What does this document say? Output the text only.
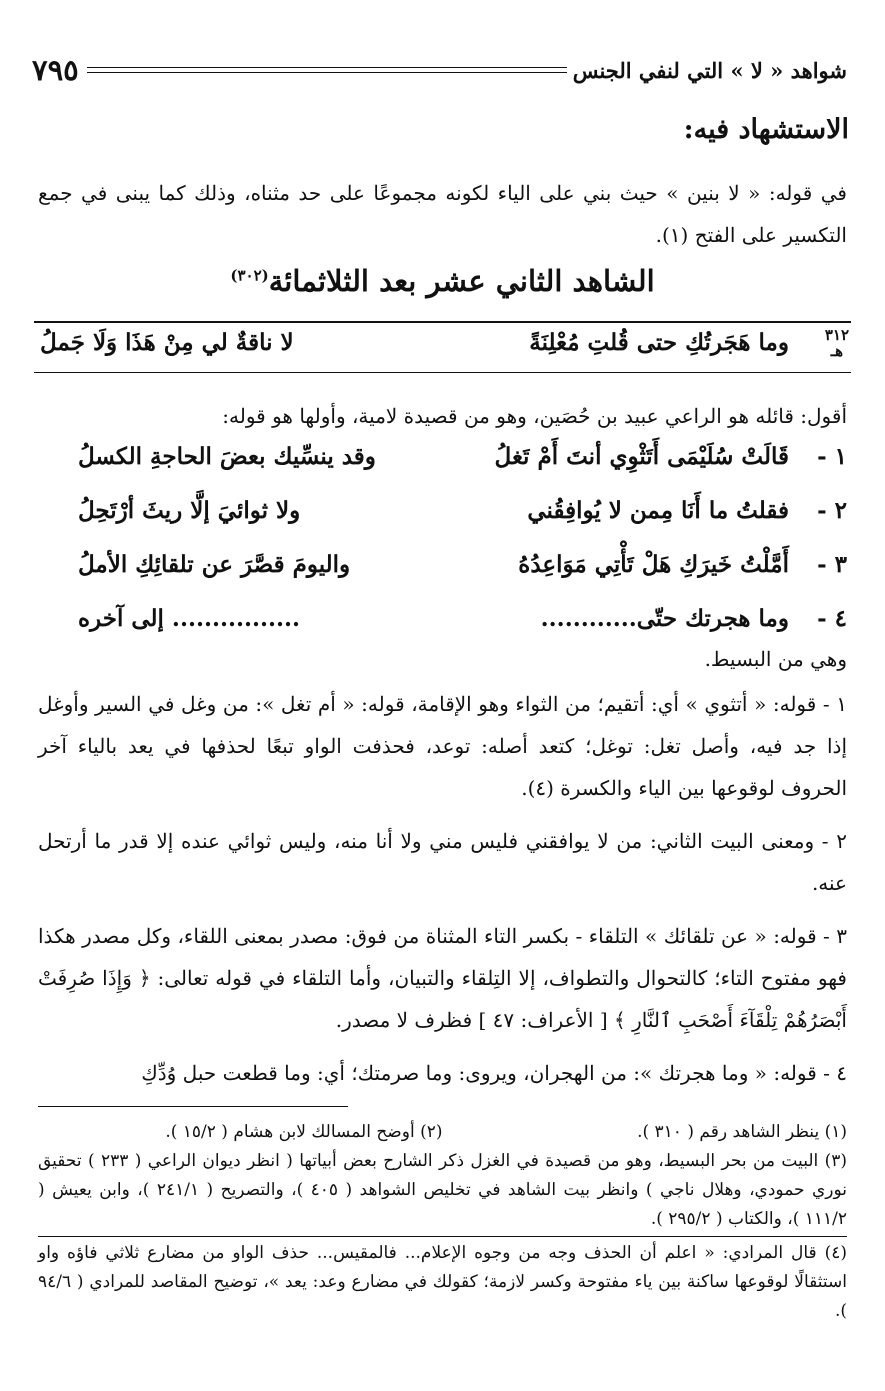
شواهد « لا » التي لنفي الجنس
٧٩٥
الاستشهاد فيه:

في قوله: « لا بنين » حيث بني على الياء لكونه مجموعًا على حد مثناه، وذلك كما يبنى في جمع التكسير على الفتح (١).

الشاهد الثاني عشر بعد الثلاثمائة$^{(٣٠٢)}$
٣١٢
هـ
وما هَجَرتُكِ حتى قُلتِ مُعْلِنَةً
لا ناقةٌ لي مِنْ هَذَا وَلَا جَملُ

أقول: قائله هو الراعي عبيد بن حُصَين، وهو من قصيدة لامية، وأولها هو قوله:

١ -
قَالَتْ سُلَيْمَى أَتَثْوِي أنتَ أَمْ تَغلُ
وقد ينسِّيك بعضَ الحاجةِ الكسلُ
٢ -
فقلتُ ما أَنَا مِمن لا يُوافِقُني
ولا ثوائيَ إلَّا ريثَ أرْتَحِلُ
٣ -
أَمَّلْتُ خَيرَكِ هَلْ تَأْتِي مَوَاعِدُهُ
واليومَ قصَّرَ عن تلقائِكِ الأملُ
٤ -
وما هجرتك حتّى............
................ إلى آخره

وهي من البسيط.

١ - قوله: « أتثوي » أي: أتقيم؛ من الثواء وهو الإقامة، قوله: « أم تغل »: من وغل في السير وأوغل إذا جد فيه، وأصل تغل: توغل؛ كتعد أصله: توعد، فحذفت الواو تبعًا لحذفها في يعد بالياء آخر الحروف لوقوعها بين الياء والكسرة (٤).

٢ - ومعنى البيت الثاني: من لا يوافقني فليس مني ولا أنا منه، وليس ثوائي عنده إلا قدر ما أرتحل عنه.

٣ - قوله: « عن تلقائك » التلقاء - بكسر التاء المثناة من فوق: مصدر بمعنى اللقاء، وكل مصدر هكذا فهو مفتوح التاء؛ كالتحوال والتطواف، إلا التِلقاء والتبيان، وأما التلقاء في قوله تعالى: ﴿ وَإِذَا صُرِفَتْ أَبْصَرُهُمْ تِلْقَآءَ أَصْحَبِ ٱلنَّارِ ﴾ [ الأعراف: ٤٧ ] فظرف لا مصدر.

٤ - قوله: « وما هجرتك »: من الهجران، ويروى: وما صرمتك؛ أي: وما قطعت حبل وُدِّكِ

(١) ينظر الشاهد رقم ( ٣١٠ ).
(٢) أوضح المسالك لابن هشام ( ١٥/٢ ).

(٣) البيت من بحر البسيط، وهو من قصيدة في الغزل ذكر الشارح بعض أبياتها ( انظر ديوان الراعي ( ٢٣٣ ) تحقيق نوري حمودي، وهلال ناجي ) وانظر بيت الشاهد في تخليص الشواهد ( ٤٠٥ )، والتصريح ( ٢٤١/١ )، وابن يعيش ( ١١١/٢ )، والكتاب ( ٢٩٥/٢ ).

(٤) قال المرادي: « اعلم أن الحذف وجه من وجوه الإعلام... فالمقيس... حذف الواو من مضارع ثلاثي فاؤه واو استثقالًا لوقوعها ساكنة بين ياء مفتوحة وكسر لازمة؛ كقولك في مضارع وعد: يعد »، توضيح المقاصد للمرادي ( ٩٤/٦ ).
